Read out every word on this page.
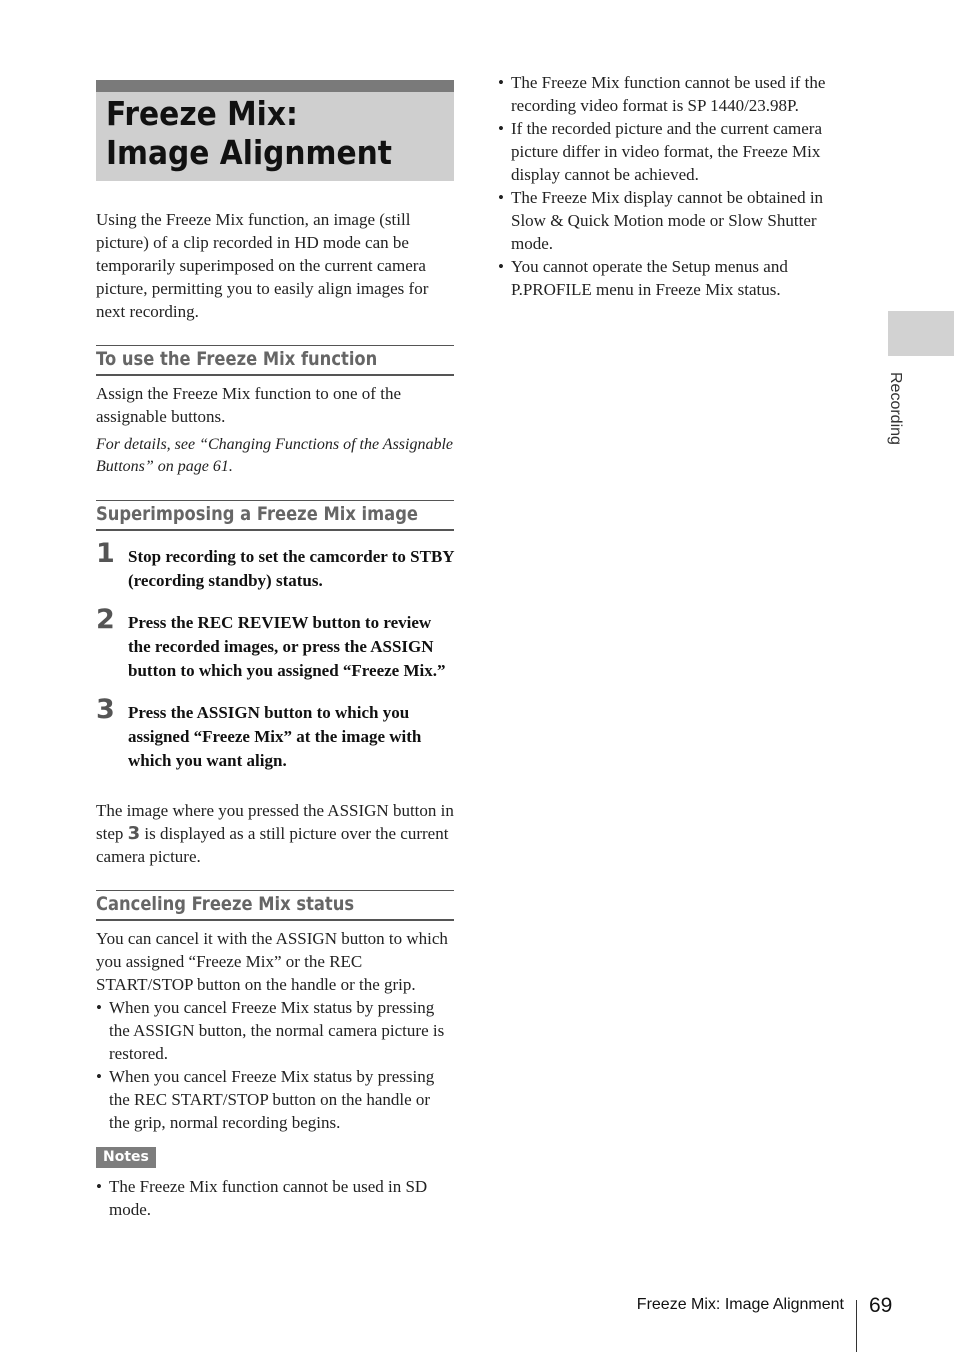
Freeze Mix: Image Alignment

Using the Freeze Mix function, an image (still picture) of a clip recorded in HD mode can be temporarily superimposed on the current camera picture, permitting you to easily align images for next recording.

To use the Freeze Mix function

Assign the Freeze Mix function to one of the assignable buttons.

For details, see “Changing Functions of the Assignable Buttons” on page 61.

Superimposing a Freeze Mix image
1 Stop recording to set the camcorder to STBY (recording standby) status.
2 Press the REC REVIEW button to review the recorded images, or press the ASSIGN button to which you assigned “Freeze Mix.”
3 Press the ASSIGN button to which you assigned “Freeze Mix” at the image with which you want align.

The image where you pressed the ASSIGN button in step 3 is displayed as a still picture over the current camera picture.

Canceling Freeze Mix status

You can cancel it with the ASSIGN button to which you assigned “Freeze Mix” or the REC START/STOP button on the handle or the grip.

• When you cancel Freeze Mix status by pressing the ASSIGN button, the normal camera picture is restored.
• When you cancel Freeze Mix status by pressing the REC START/STOP button on the handle or the grip, normal recording begins.
Notes
• The Freeze Mix function cannot be used in SD mode.
• The Freeze Mix function cannot be used if the recording video format is SP 1440/23.98P.
• If the recorded picture and the current camera picture differ in video format, the Freeze Mix display cannot be achieved.
• The Freeze Mix display cannot be obtained in Slow & Quick Motion mode or Slow Shutter mode.
• You cannot operate the Setup menus and P.PROFILE menu in Freeze Mix status.
Recording
Freeze Mix: Image Alignment 69
